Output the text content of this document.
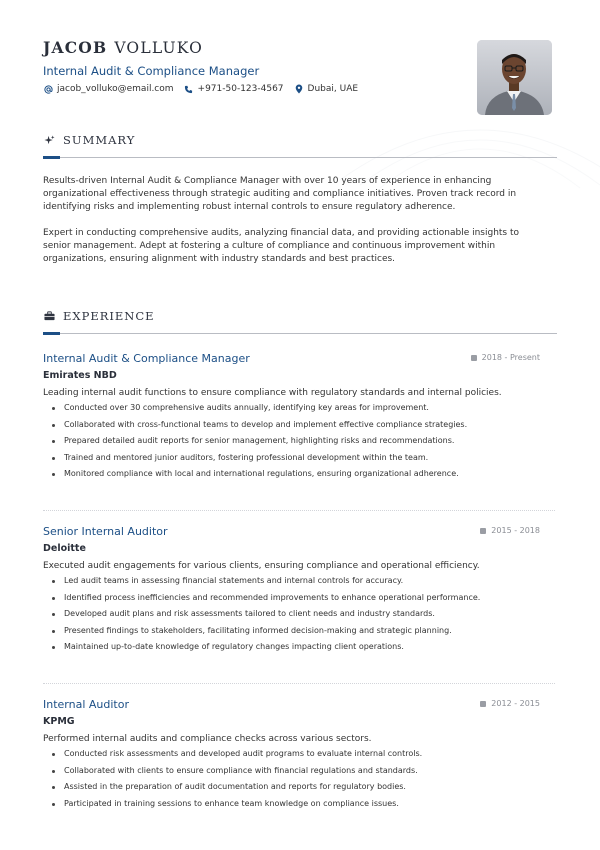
JACOB VOLLUKO
Internal Audit & Compliance Manager
jacob_volluko@email.com	+971-50-123-4567	Dubai, UAE
SUMMARY

Results-driven Internal Audit & Compliance Manager with over 10 years of experience in enhancing organizational effectiveness through strategic auditing and compliance initiatives. Proven track record in identifying risks and implementing robust internal controls to ensure regulatory adherence.

Expert in conducting comprehensive audits, analyzing financial data, and providing actionable insights to senior management. Adept at fostering a culture of compliance and continuous improvement within organizations, ensuring alignment with industry standards and best practices.

EXPERIENCE
Internal Audit & Compliance Manager	2018 - Present
Emirates NBD
Leading internal audit functions to ensure compliance with regulatory standards and internal policies.
Conducted over 30 comprehensive audits annually, identifying key areas for improvement.
Collaborated with cross-functional teams to develop and implement effective compliance strategies.
Prepared detailed audit reports for senior management, highlighting risks and recommendations.
Trained and mentored junior auditors, fostering professional development within the team.
Monitored compliance with local and international regulations, ensuring organizational adherence.
Senior Internal Auditor	2015 - 2018
Deloitte
Executed audit engagements for various clients, ensuring compliance and operational efficiency.
Led audit teams in assessing financial statements and internal controls for accuracy.
Identified process inefficiencies and recommended improvements to enhance operational performance.
Developed audit plans and risk assessments tailored to client needs and industry standards.
Presented findings to stakeholders, facilitating informed decision-making and strategic planning.
Maintained up-to-date knowledge of regulatory changes impacting client operations.
Internal Auditor	2012 - 2015
KPMG
Performed internal audits and compliance checks across various sectors.
Conducted risk assessments and developed audit programs to evaluate internal controls.
Collaborated with clients to ensure compliance with financial regulations and standards.
Assisted in the preparation of audit documentation and reports for regulatory bodies.
Participated in training sessions to enhance team knowledge on compliance issues.
